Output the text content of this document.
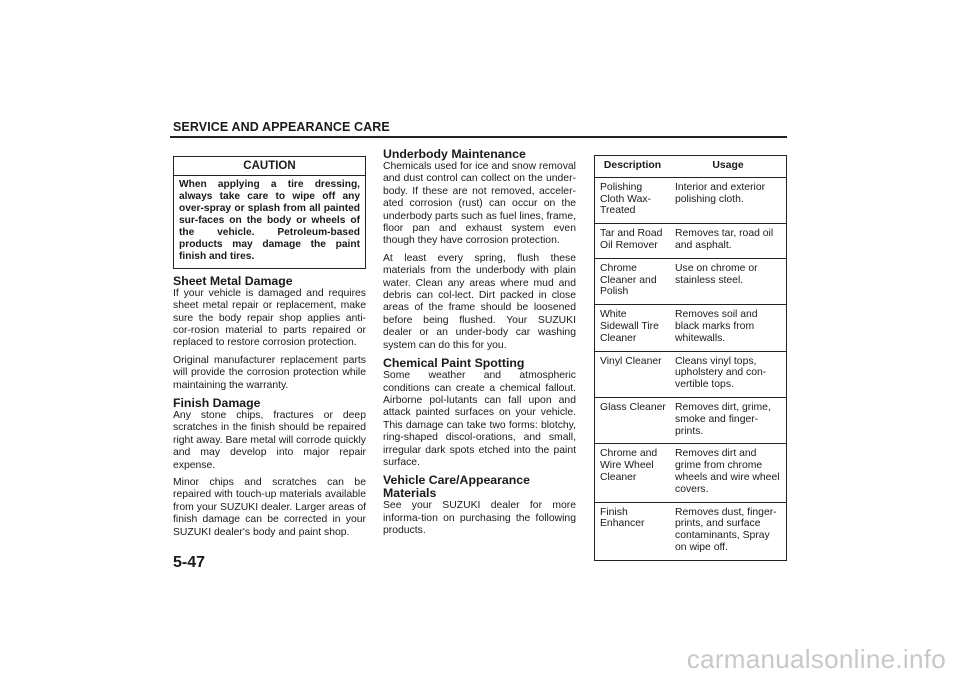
SERVICE AND APPEARANCE CARE
CAUTION
When applying a tire dressing, always take care to wipe off any over-spray or splash from all painted sur-faces on the body or wheels of the vehicle. Petroleum-based products may damage the paint finish and tires.
Sheet Metal Damage

If your vehicle is damaged and requires sheet metal repair or replacement, make sure the body repair shop applies anti-cor-rosion material to parts repaired or replaced to restore corrosion protection.

Original manufacturer replacement parts will provide the corrosion protection while maintaining the warranty.

Finish Damage

Any stone chips, fractures or deep scratches in the finish should be repaired right away. Bare metal will corrode quickly and may develop into major repair expense.

Minor chips and scratches can be repaired with touch-up materials available from your SUZUKI dealer. Larger areas of finish damage can be corrected in your SUZUKI dealer's body and paint shop.

Underbody Maintenance

Chemicals used for ice and snow removal and dust control can collect on the under-body. If these are not removed, acceler-ated corrosion (rust) can occur on the underbody parts such as fuel lines, frame, floor pan and exhaust system even though they have corrosion protection.

At least every spring, flush these materials from the underbody with plain water. Clean any areas where mud and debris can col-lect. Dirt packed in close areas of the frame should be loosened before being flushed. Your SUZUKI dealer or an under-body car washing system can do this for you.

Chemical Paint Spotting

Some weather and atmospheric conditions can create a chemical fallout. Airborne pol-lutants can fall upon and attack painted surfaces on your vehicle. This damage can take two forms: blotchy, ring-shaped discol-orations, and small, irregular dark spots etched into the paint surface.

Vehicle Care/Appearance Materials

See your SUZUKI dealer for more informa-tion on purchasing the following products.

Description	Usage
Polishing Cloth Wax-Treated	Interior and exterior polishing cloth.
Tar and Road Oil Remover	Removes tar, road oil and asphalt.
Chrome Cleaner and Polish	Use on chrome or stainless steel.
White Sidewall Tire Cleaner	Removes soil and black marks from whitewalls.
Vinyl Cleaner	Cleans vinyl tops, upholstery and con-vertible tops.
Glass Cleaner	Removes dirt, grime, smoke and finger-prints.
Chrome and Wire Wheel Cleaner	Removes dirt and grime from chrome wheels and wire wheel covers.
Finish Enhancer	Removes dust, finger-prints, and surface contaminants, Spray on wipe off.
5-47
carmanualsonline.info
